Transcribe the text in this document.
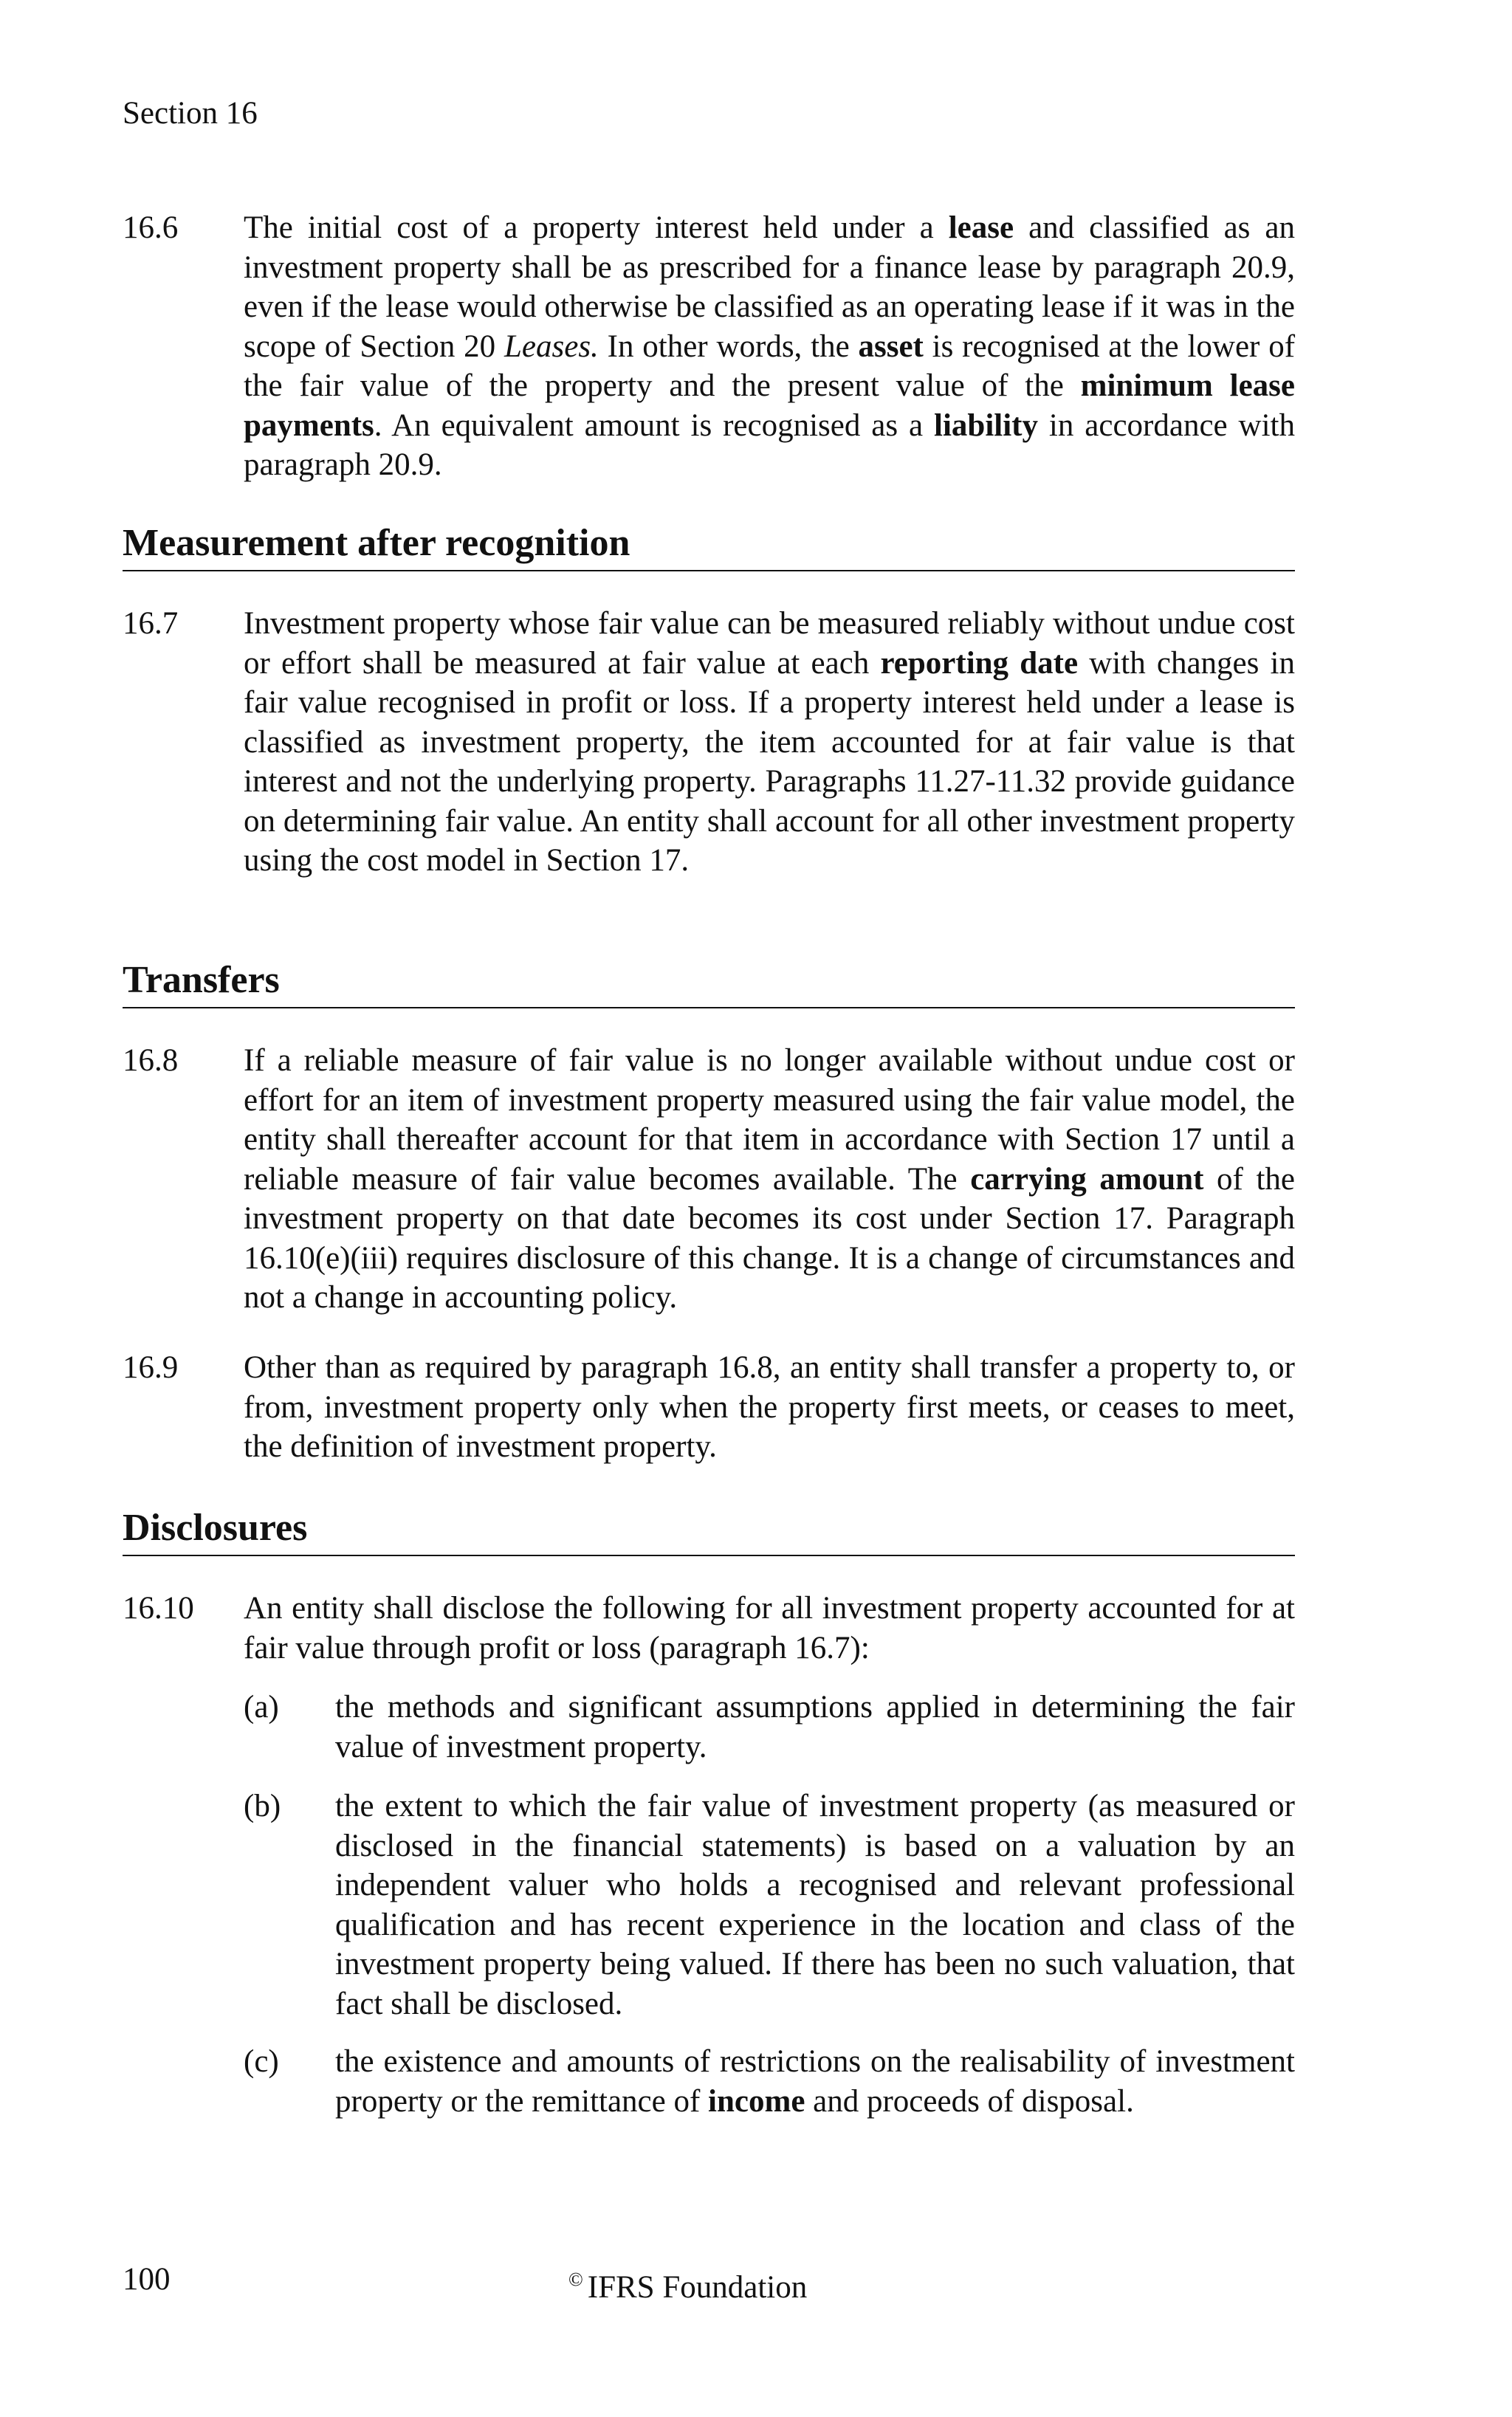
Section 16
16.6 The initial cost of a property interest held under a lease and classified as an investment property shall be as prescribed for a finance lease by paragraph 20.9, even if the lease would otherwise be classified as an operating lease if it was in the scope of Section 20 Leases. In other words, the asset is recognised at the lower of the fair value of the property and the present value of the minimum lease payments. An equivalent amount is recognised as a liability in accordance with paragraph 20.9.
Measurement after recognition
16.7 Investment property whose fair value can be measured reliably without undue cost or effort shall be measured at fair value at each reporting date with changes in fair value recognised in profit or loss. If a property interest held under a lease is classified as investment property, the item accounted for at fair value is that interest and not the underlying property. Paragraphs 11.27-11.32 provide guidance on determining fair value. An entity shall account for all other investment property using the cost model in Section 17.
Transfers
16.8 If a reliable measure of fair value is no longer available without undue cost or effort for an item of investment property measured using the fair value model, the entity shall thereafter account for that item in accordance with Section 17 until a reliable measure of fair value becomes available. The carrying amount of the investment property on that date becomes its cost under Section 17. Paragraph 16.10(e)(iii) requires disclosure of this change. It is a change of circumstances and not a change in accounting policy.
16.9 Other than as required by paragraph 16.8, an entity shall transfer a property to, or from, investment property only when the property first meets, or ceases to meet, the definition of investment property.
Disclosures
16.10 An entity shall disclose the following for all investment property accounted for at fair value through profit or loss (paragraph 16.7):
(a) the methods and significant assumptions applied in determining the fair value of investment property.
(b) the extent to which the fair value of investment property (as measured or disclosed in the financial statements) is based on a valuation by an independent valuer who holds a recognised and relevant professional qualification and has recent experience in the location and class of the investment property being valued. If there has been no such valuation, that fact shall be disclosed.
(c) the existence and amounts of restrictions on the realisability of investment property or the remittance of income and proceeds of disposal.
100	© IFRS Foundation
